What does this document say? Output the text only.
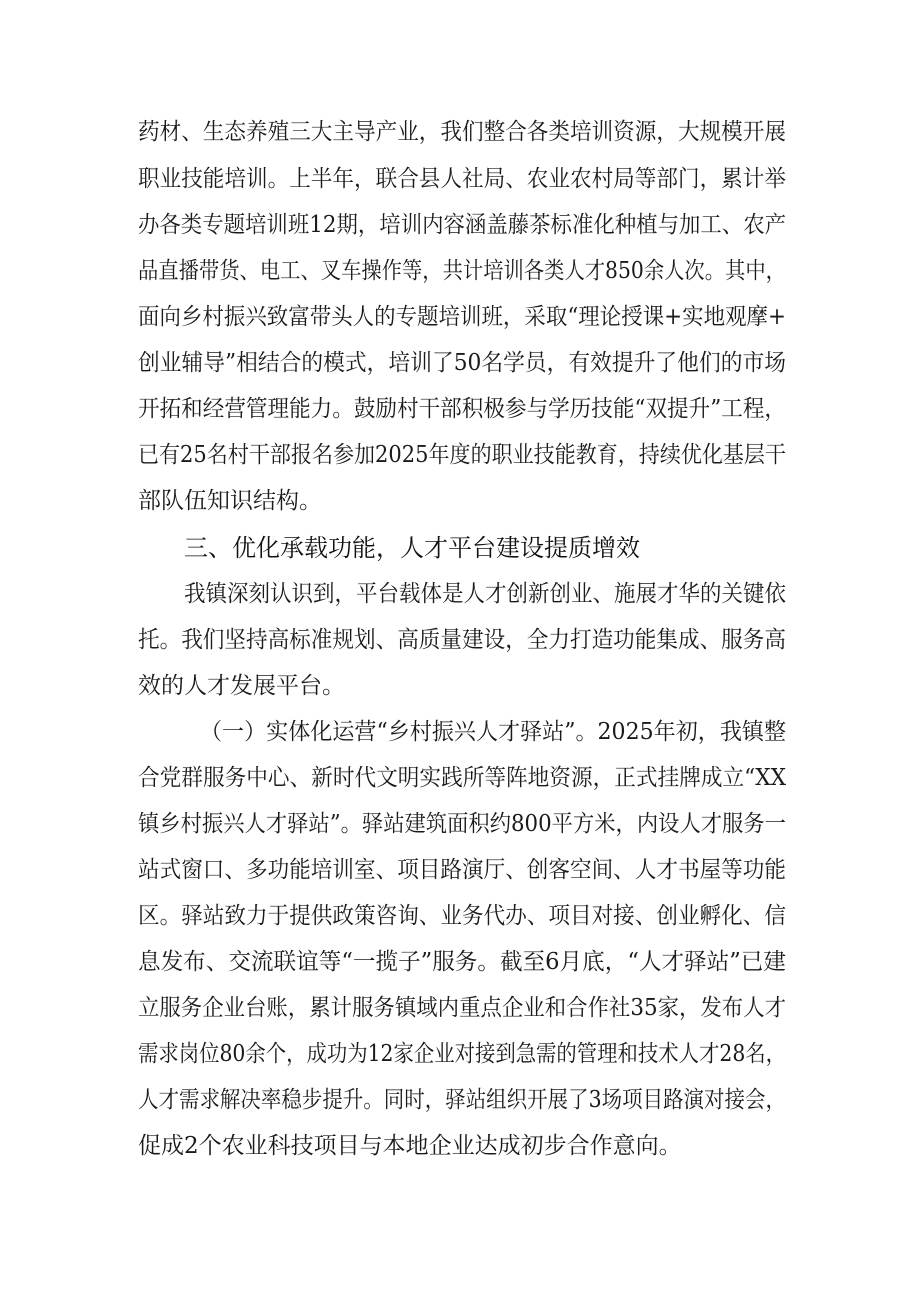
药材、生态养殖三大主导产业，我们整合各类培训资源，大规模开展
职业技能培训。上半年，联合县人社局、农业农村局等部门，累计举
办各类专题培训班12期，培训内容涵盖藤茶标准化种植与加工、农产
品直播带货、电工、叉车操作等，共计培训各类人才850余人次。其中，
面向乡村振兴致富带头人的专题培训班，采取“理论授课+实地观摩+
创业辅导”相结合的模式，培训了50名学员，有效提升了他们的市场
开拓和经营管理能力。鼓励村干部积极参与学历技能“双提升”工程，
已有25名村干部报名参加2025年度的职业技能教育，持续优化基层干
部队伍知识结构。
三、优化承载功能，人才平台建设提质增效
我镇深刻认识到，平台载体是人才创新创业、施展才华的关键依
托。我们坚持高标准规划、高质量建设，全力打造功能集成、服务高
效的人才发展平台。
（一）实体化运营“乡村振兴人才驿站”。2025年初，我镇整
合党群服务中心、新时代文明实践所等阵地资源，正式挂牌成立“XX
镇乡村振兴人才驿站”。驿站建筑面积约800平方米，内设人才服务一
站式窗口、多功能培训室、项目路演厅、创客空间、人才书屋等功能
区。驿站致力于提供政策咨询、业务代办、项目对接、创业孵化、信
息发布、交流联谊等“一揽子”服务。截至6月底，“人才驿站”已建
立服务企业台账，累计服务镇域内重点企业和合作社35家，发布人才
需求岗位80余个，成功为12家企业对接到急需的管理和技术人才28名，
人才需求解决率稳步提升。同时，驿站组织开展了3场项目路演对接会，
促成2个农业科技项目与本地企业达成初步合作意向。
